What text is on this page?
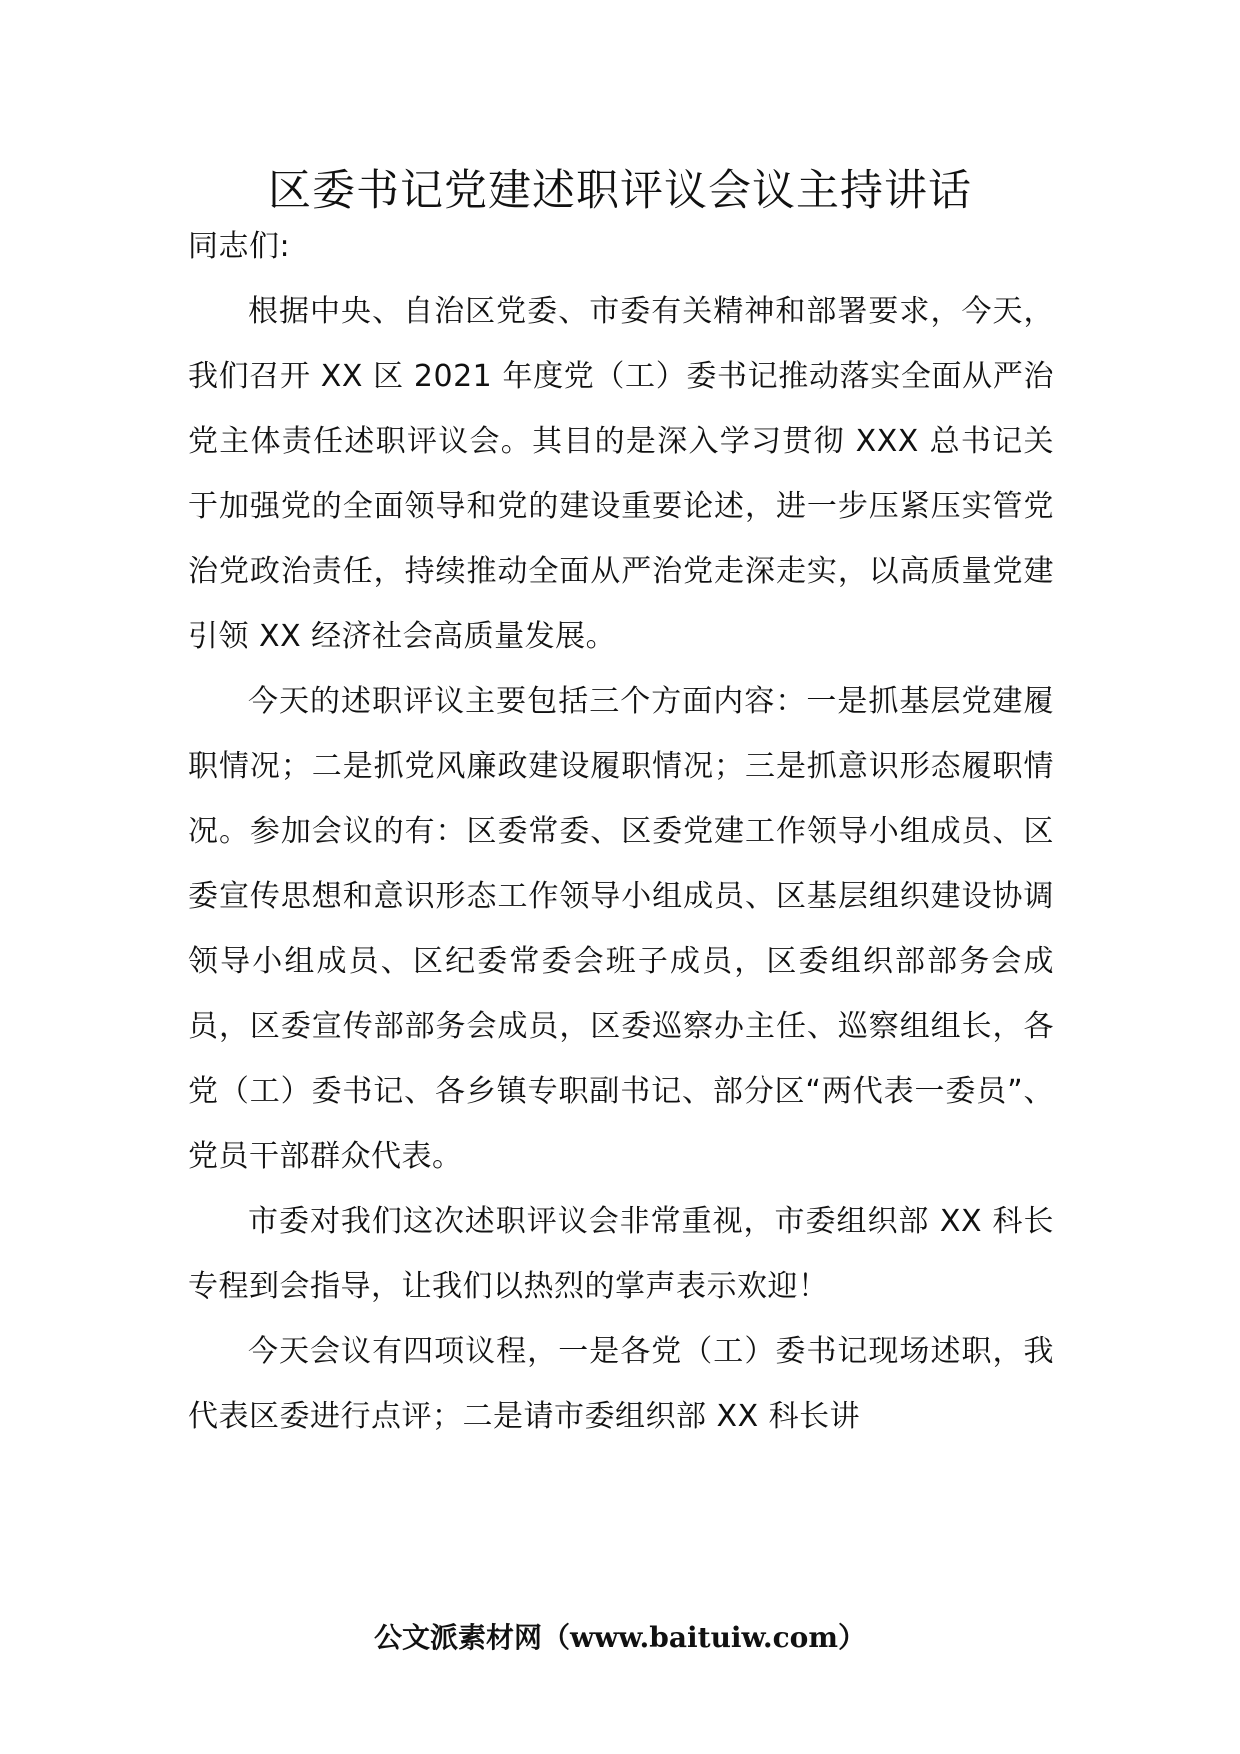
区委书记党建述职评议会议主持讲话

同志们:

根据中央、自治区党委、市委有关精神和部署要求，今天，我们召开 XX 区 2021 年度党（工）委书记推动落实全面从严治党主体责任述职评议会。其目的是深入学习贯彻 XXX 总书记关于加强党的全面领导和党的建设重要论述，进一步压紧压实管党治党政治责任，持续推动全面从严治党走深走实，以高质量党建引领 XX 经济社会高质量发展。

今天的述职评议主要包括三个方面内容：一是抓基层党建履职情况；二是抓党风廉政建设履职情况；三是抓意识形态履职情况。参加会议的有：区委常委、区委党建工作领导小组成员、区委宣传思想和意识形态工作领导小组成员、区基层组织建设协调领导小组成员、区纪委常委会班子成员，区委组织部部务会成员，区委宣传部部务会成员，区委巡察办主任、巡察组组长，各党（工）委书记、各乡镇专职副书记、部分区“两代表一委员”、党员干部群众代表。

市委对我们这次述职评议会非常重视，市委组织部 XX 科长专程到会指导，让我们以热烈的掌声表示欢迎！

今天会议有四项议程，一是各党（工）委书记现场述职，我代表区委进行点评；二是请市委组织部 XX 科长讲

公文派素材网（www.baituiw.com）
